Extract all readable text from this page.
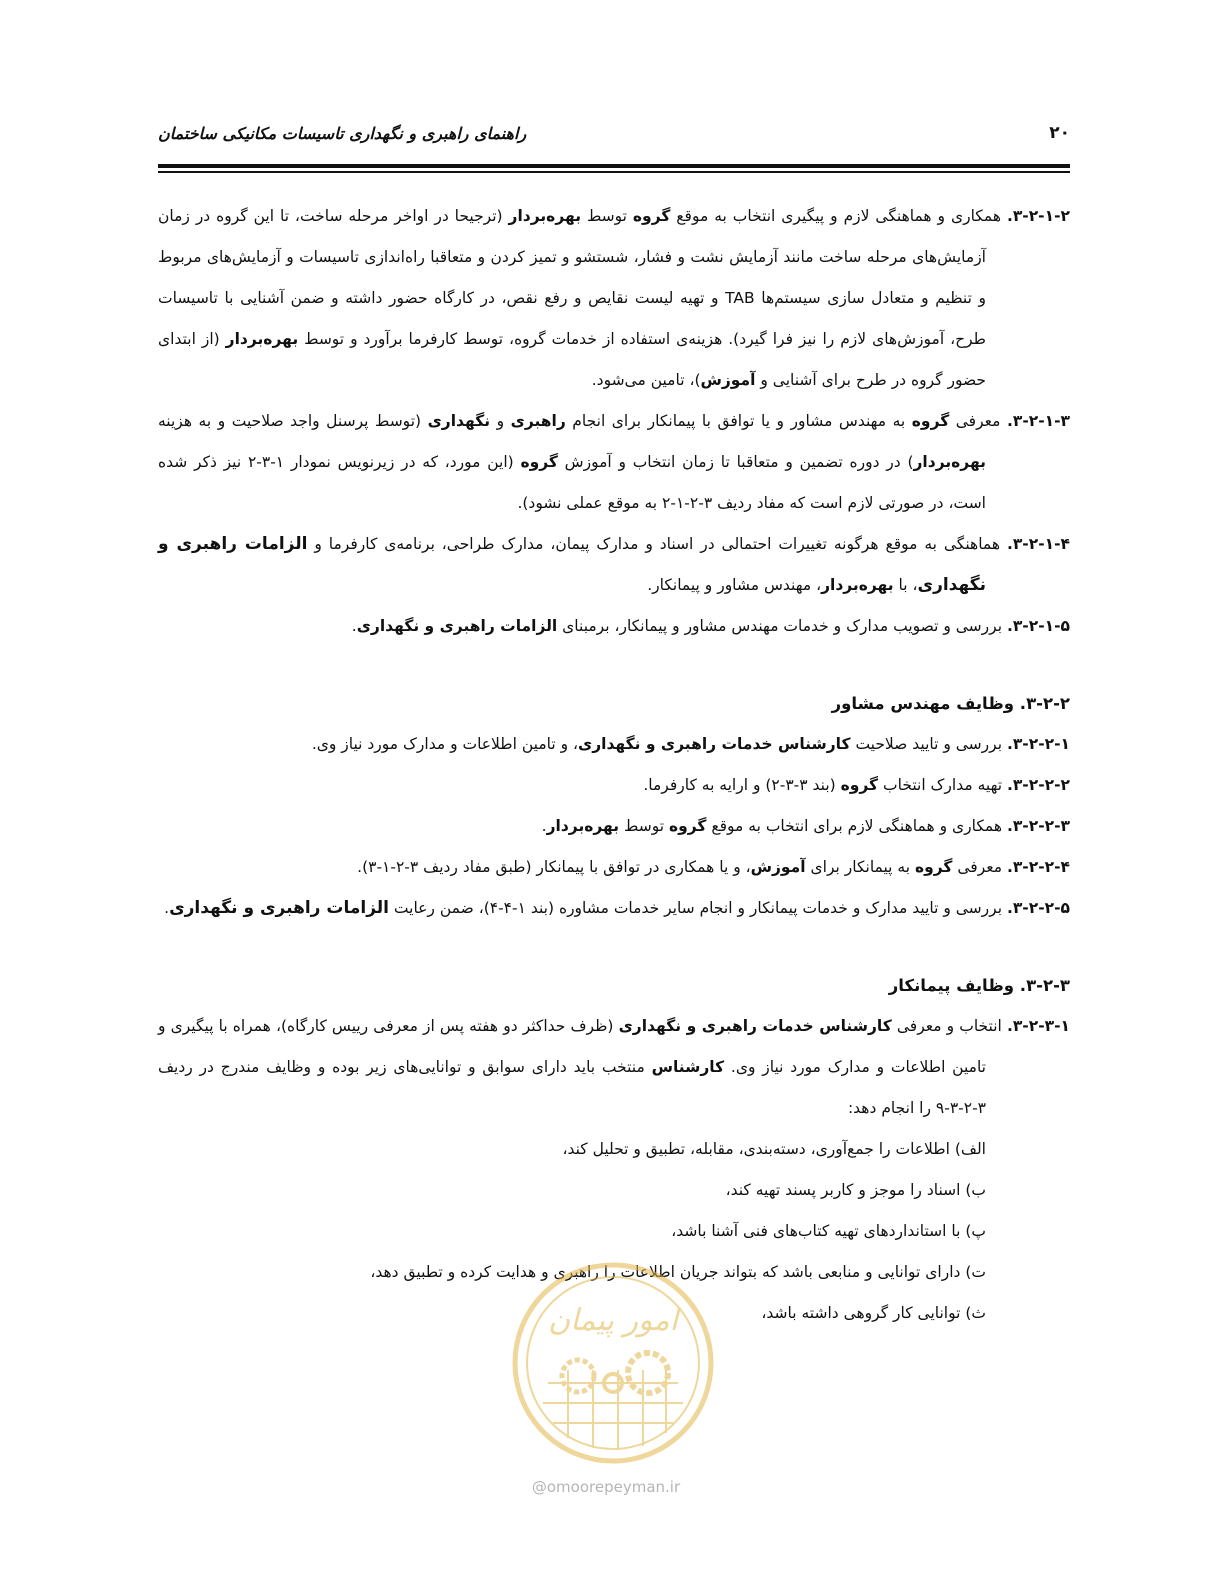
۲۰
راهنمای راهبری و نگهداری تاسیسات مکانیکی ساختمان

۳-۲-۱-۲. همکاری و هماهنگی لازم و پیگیری انتخاب به موقع گروه توسط بهره‌بردار (ترجیحا در اواخر مرحله ساخت، تا این گروه در زمان آزمایش‌های مرحله ساخت مانند آزمایش نشت و فشار، شستشو و تمیز کردن و متعاقبا راه‌اندازی تاسیسات و آزمایش‌های مربوط و تنظیم و متعادل سازی سیستم‌ها TAB و تهیه لیست نقایص و رفع نقص، در کارگاه حضور داشته و ضمن آشنایی با تاسیسات طرح، آموزش‌های لازم را نیز فرا گیرد). هزینه‌ی استفاده از خدمات گروه، توسط کارفرما برآورد و توسط بهره‌بردار (از ابتدای حضور گروه در طرح برای آشنایی و آموزش)، تامین می‌شود.

۳-۲-۱-۳. معرفی گروه به مهندس مشاور و یا توافق با پیمانکار برای انجام راهبری و نگهداری (توسط پرسنل واجد صلاحیت و به هزینه بهره‌بردار) در دوره تضمین و متعاقبا تا زمان انتخاب و آموزش گروه (این مورد، که در زیرنویس نمودار ۱-۳-۲ نیز ذکر شده است، در صورتی لازم است که مفاد ردیف ۳-۲-۱-۲ به موقع عملی نشود).

۳-۲-۱-۴. هماهنگی به موقع هرگونه تغییرات احتمالی در اسناد و مدارک پیمان، مدارک طراحی، برنامه‌ی کارفرما و الزامات راهبری و نگهداری، با بهره‌بردار، مهندس مشاور و پیمانکار.

۳-۲-۱-۵. بررسی و تصویب مدارک و خدمات مهندس مشاور و پیمانکار، برمبنای الزامات راهبری و نگهداری.

۳-۲-۲. وظایف مهندس مشاور

۳-۲-۲-۱. بررسی و تایید صلاحیت کارشناس خدمات راهبری و نگهداری، و تامین اطلاعات و مدارک مورد نیاز وی.

۳-۲-۲-۲. تهیه مدارک انتخاب گروه (بند ۳-۳-۲) و ارایه به کارفرما.

۳-۲-۲-۳. همکاری و هماهنگی لازم برای انتخاب به موقع گروه توسط بهره‌بردار.

۳-۲-۲-۴. معرفی گروه به پیمانکار برای آموزش، و یا همکاری در توافق با پیمانکار (طبق مفاد ردیف ۳-۲-۱-۳).

۳-۲-۲-۵. بررسی و تایید مدارک و خدمات پیمانکار و انجام سایر خدمات مشاوره (بند ۱-۴-۴)، ضمن رعایت الزامات راهبری و نگهداری.

۳-۲-۳. وظایف پیمانکار

۳-۲-۳-۱. انتخاب و معرفی کارشناس خدمات راهبری و نگهداری (ظرف حداکثر دو هفته پس از معرفی رییس کارگاه)، همراه با پیگیری و تامین اطلاعات و مدارک مورد نیاز وی. کارشناس منتخب باید دارای سوابق و توانایی‌های زیر بوده و وظایف مندرج در ردیف ۳-۲-۳-۹ را انجام دهد:

الف) اطلاعات را جمع‌آوری، دسته‌بندی، مقابله، تطبیق و تحلیل کند،

ب) اسناد را موجز و کاربر پسند تهیه کند،

پ) با استانداردهای تهیه کتاب‌های فنی آشنا باشد،

ت) دارای توانایی و منابعی باشد که بتواند جریان اطلاعات را راهبری و هدایت کرده و تطبیق دهد،

ث) توانایی کار گروهی داشته باشد،

امور پیمان
@omoorepeyman.ir
